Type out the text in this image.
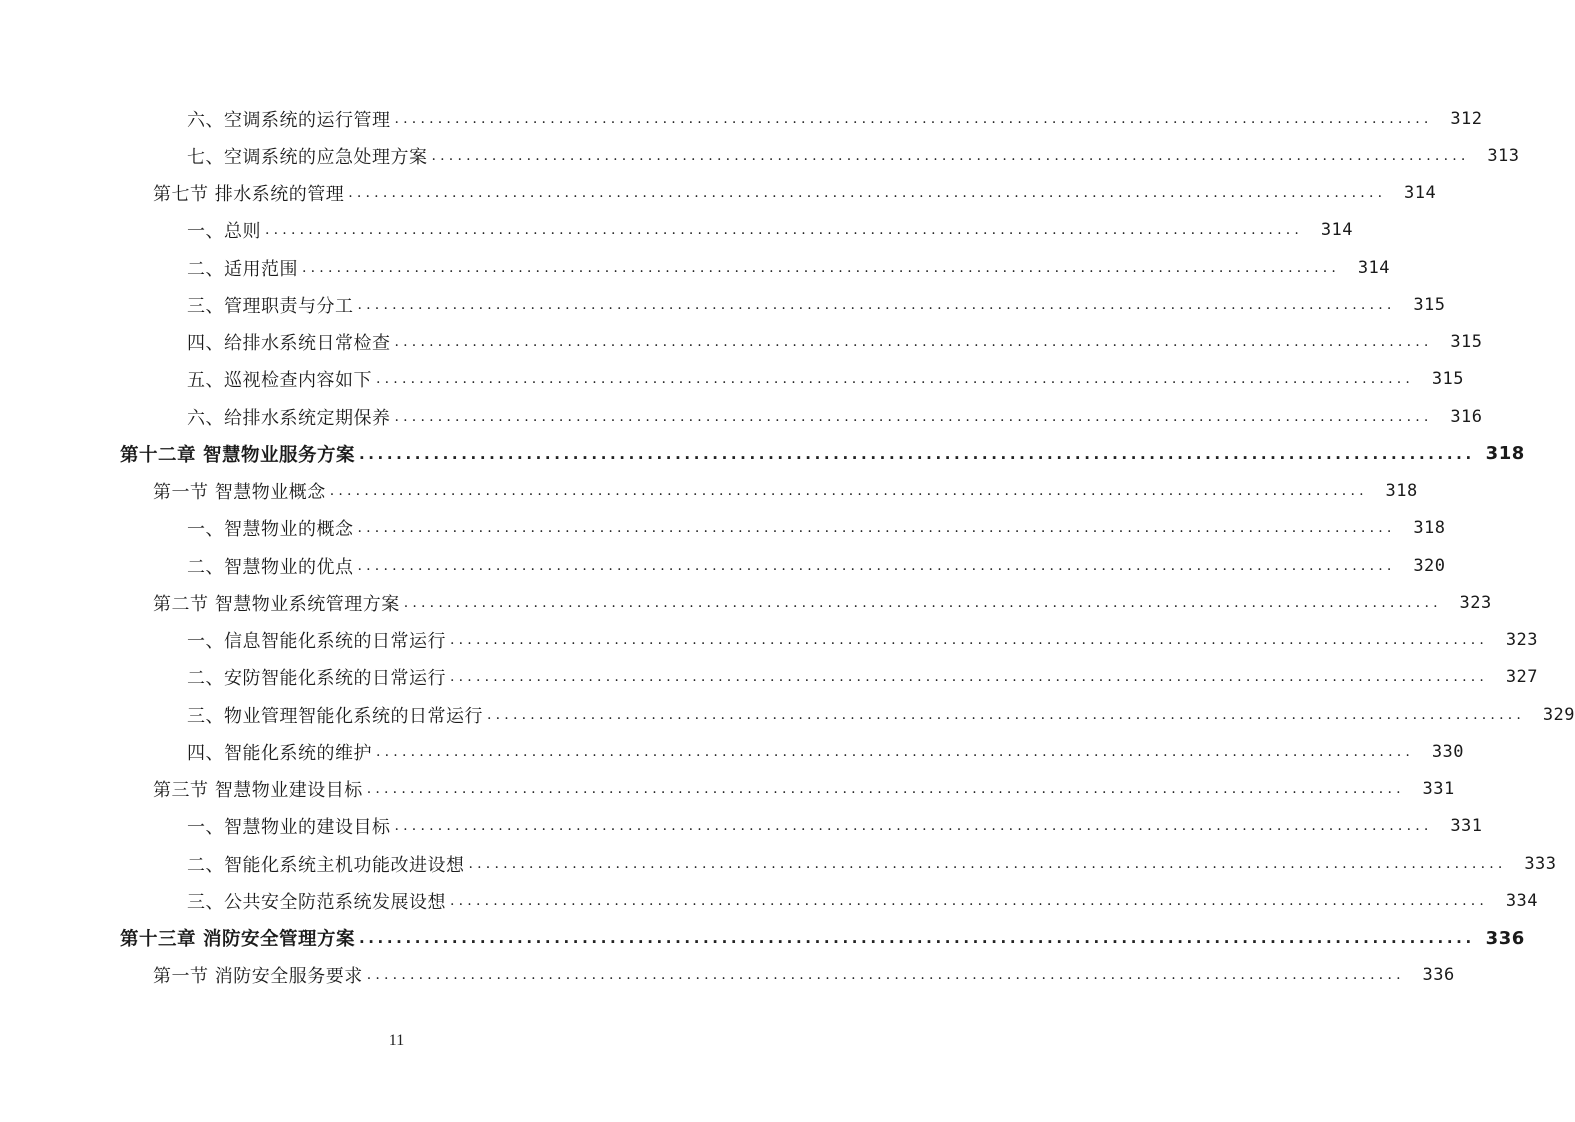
六、空调系统的运行管理 ........................................................................................................................	312
七、空调系统的应急处理方案 ........................................................................................................................	313
第七节 排水系统的管理 ........................................................................................................................	314
一、总则 ........................................................................................................................	314
二、适用范围 ........................................................................................................................	314
三、管理职责与分工 ........................................................................................................................	315
四、给排水系统日常检查 ........................................................................................................................	315
五、巡视检查内容如下 ........................................................................................................................	315
六、给排水系统定期保养 ........................................................................................................................	316
第十二章 智慧物业服务方案 ........................................................................................................................ 318
第一节 智慧物业概念 ........................................................................................................................	318
一、智慧物业的概念 ........................................................................................................................	318
二、智慧物业的优点 ........................................................................................................................	320
第二节 智慧物业系统管理方案 ........................................................................................................................	323
一、信息智能化系统的日常运行 ........................................................................................................................	323
二、安防智能化系统的日常运行 ........................................................................................................................	327
三、物业管理智能化系统的日常运行 ........................................................................................................................	329
四、智能化系统的维护 ........................................................................................................................	330
第三节 智慧物业建设目标 ........................................................................................................................	331
一、智慧物业的建设目标 ........................................................................................................................	331
二、智能化系统主机功能改进设想 ........................................................................................................................	333
三、公共安全防范系统发展设想 ........................................................................................................................	334
第十三章 消防安全管理方案 ........................................................................................................................ 336
第一节 消防安全服务要求 ........................................................................................................................	336
11
